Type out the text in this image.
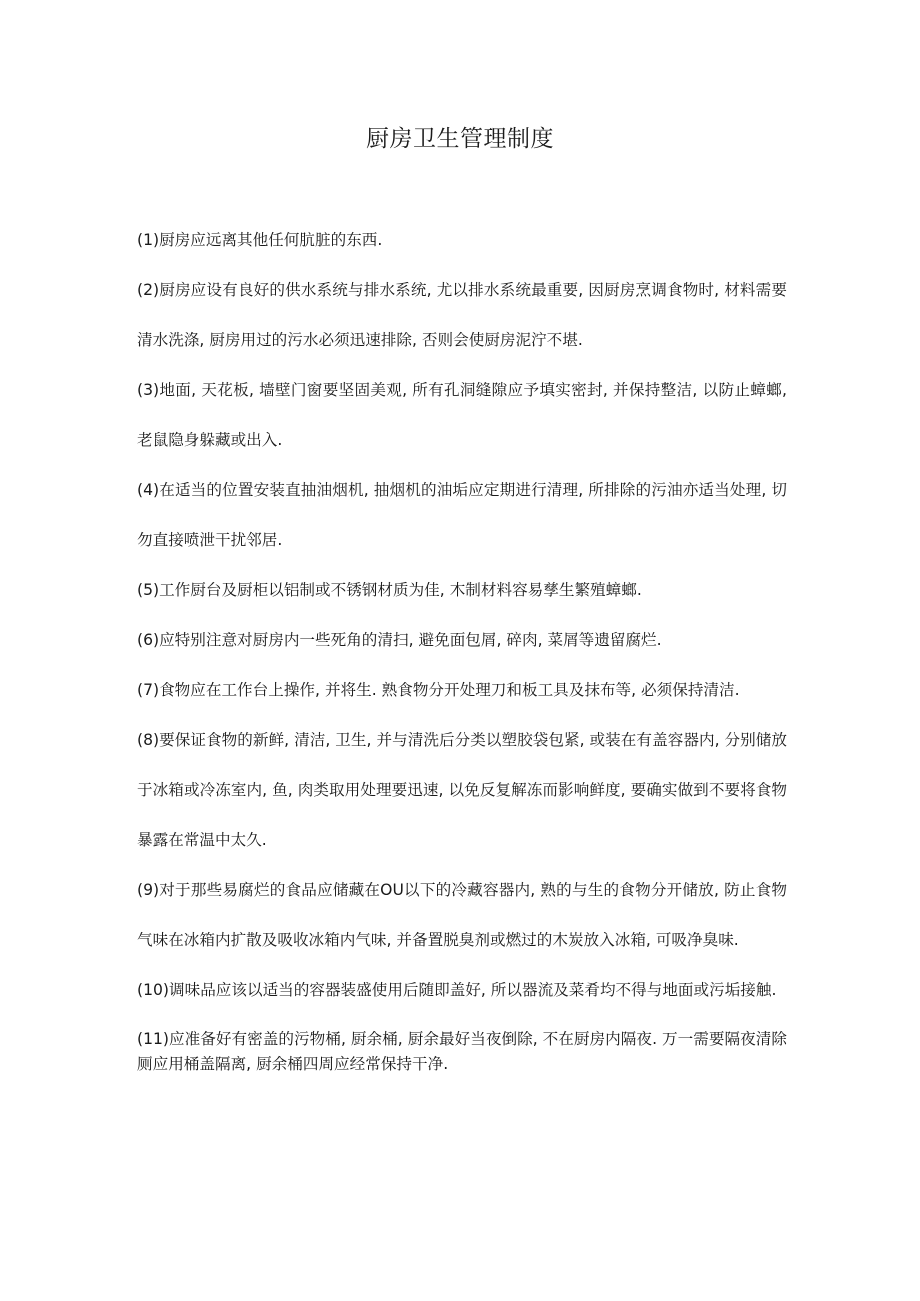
厨房卫生管理制度

(1)厨房应远离其他任何肮脏的东西.

(2)厨房应设有良好的供水系统与排水系统, 尤以排水系统最重要, 因厨房烹调食物时, 材料需要清水洗涤, 厨房用过的污水必须迅速排除, 否则会使厨房泥泞不堪.

(3)地面, 天花板, 墙壁门窗要坚固美观, 所有孔洞缝隙应予填实密封, 并保持整洁, 以防止蟑螂, 老鼠隐身躲藏或出入.

(4)在适当的位置安装直抽油烟机, 抽烟机的油垢应定期进行清理, 所排除的污油亦适当处理, 切勿直接喷泄干扰邻居.

(5)工作厨台及厨柜以铝制或不锈钢材质为佳, 木制材料容易孳生繁殖蟑螂.

(6)应特别注意对厨房内一些死角的清扫, 避免面包屑, 碎肉, 菜屑等遗留腐烂.

(7)食物应在工作台上操作, 并将生. 熟食物分开处理刀和板工具及抹布等, 必须保持清洁.

(8)要保证食物的新鲜, 清洁, 卫生, 并与清洗后分类以塑胶袋包紧, 或装在有盖容器内, 分别储放于冰箱或冷冻室内, 鱼, 肉类取用处理要迅速, 以免反复解冻而影响鲜度, 要确实做到不要将食物暴露在常温中太久.

(9)对于那些易腐烂的食品应储藏在OU以下的冷藏容器内, 熟的与生的食物分开储放, 防止食物气味在冰箱内扩散及吸收冰箱内气味, 并备置脱臭剂或燃过的木炭放入冰箱, 可吸净臭味.

(10)调味品应该以适当的容器装盛使用后随即盖好, 所以器流及菜肴均不得与地面或污垢接触.

(11)应准备好有密盖的污物桶, 厨余桶, 厨余最好当夜倒除, 不在厨房内隔夜. 万一需要隔夜清除厕应用桶盖隔离, 厨余桶四周应经常保持干净.
